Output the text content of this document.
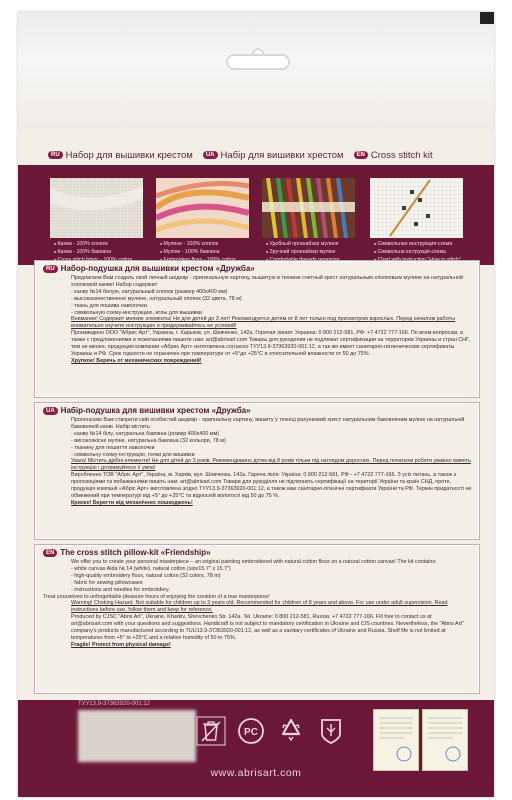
RU Набор для вышивки крестом	UA Набір для вишивки хрестом	EN Cross stitch kit
■ Канва - 100% хлопок
■ Канва - 100% бавовна
■
■ Мулине - 100% хлопок
■ Мулiне - 100% бавовна
■
■ Удобный органайзер мулине
■ Зручний органайзер мулiне
■
■ Символьная инструкция-схема
■ Символьна iнструкцiя-схема
■
RU Набор-подушка для вышивки крестом «Дружба»

Предлагаем Вам создать свой личный шедевр - оригинальную картину, вышитую в технике счетный крест натуральным хлопковым мулине на натуральной хлопковой канве! Набор содержит:

- канву №14 белую, натуральный хлопок (размер 400х400 мм)

- высококачественное мулине, натуральный хлопок (32 цвета, 78 м)

- ткань для пошива наволочки

- символьную схему-инструкцию, иглы для вышивки.

Внимание! Содержит мелкие элементы! Не для детей до 3 лет! Рекомендуется детям от 8 лет только под присмотром взрослых. Перед началом работы внимательно изучите инструкцию и придерживайтесь ее условий!

Произведено ООО "Абрис Арт", Украина, г. Харьков, ул. Шевченко, 142а. Горячая линия: Украина: 0 800 212-581, РФ: +7 4722 777-166. По всем вопросам, а также с предложениями и пожеланиями пишите нам: art@abrisart.com Товары для рукоделия не подлежат сертификации на территории Украины и стран СНГ, тем не менее, продукция компании «Абрис Арт» изготовлена согласно ТУУ13.9-37363920-001:12, а так же имеет санитарно-гигиенические сертификаты Украины и РФ. Срок годности не ограничен при температуре от +5°до +25°С и относительной влажности от 50 до 75%.

Хрупкое! Беречь от механических повреждений!

UA Набір-подушка для вишивки хрестом «Дружба»

Пропонуємо Вам створити свій особистий шедевр - оригінальну картину, вишиту у техніці рахунковий хрест натуральним бавовняним муліне на натуральній бавовняній канві. Набір містить:

- канву №14 білу, натуральна бавовна (розмір 400х400 мм)

- високоякісне муліне, натуральна бавовна (32 кольори, 78 м)

- тканину для пошиття наволочки

- символьну схему-інструкцію, голки для вишивки

Увага! Містить дрібні елементи! Не для дітей до 3 років. Рекомендовано дітям від 8 років тільки під наглядом дорослих. Перед початком роботи уважно вивчіть інструкцію і дотримуйтеся її умов!

Виробленно ТОВ "Абріс Арт", Україна, м. Харків, вул. Шевченка, 142а. Гаряча лінія: Україна: 0 800 212-581, РФ - +7 4722 777-166. З усіх питань, а також з пропозиціями та побажаннями пишіть нам: art@abrisart.com Товари для рукоділля не підлягають сертифікації на території України та країн СНД, проте, продукція компанії «Абріс Арт» виготовлена згідно ТУУ13.9-37363920-001:12, а також має санітарно-гігієнічні сертифікати України та РФ. Термін придатності не обмежений при температурі від +5° до +25°С та відносній вологості від 50 до 75 %.

Крихке! Берегти від механічних пошкоджень!

EN The cross stitch pillow-kit «Friendship»

We offer you to create your personal masterpiece – an original painting embroidered with natural cotton floss on a natural cotton canvas! The kit contains:

- white canvas Aida № 14 (white), natural cotton (size15.7" x 15.7")

- high-quality embroidery floss, natural cotton (32 colors, 78 m)

- fabric for sewing pillowcases

- instructions and needles for embroidery.

Treat yourselves to unforgettable pleasure hours of enjoying the creation of a true masterpiece!

Warning! Choking Hazard. Not suitable for children up to 3 years old. Recommended for children of 8 years and above. For use under adult supervision. Read instructions before use, follow them and keep for reference.

Produced by CJSC "Abris Art", Ukraine, Kharkiv, Shevchenko Str. 142a. Tel. Ukraine: 0 800 212-581, Russia: +7 4722 777-166. Fill free to contact us at art@abrisart.com with your questions and suggestions. Handicraft is not subject to mandatory certification in Ukraine and CIS countries. Nevertheless, the "Abris Art" company's products manufactured according to TUU13.9-37363920-001:12, as well as a sanitary certificates of Ukraine and Russia. Shelf life is not limited at temperatures from +5° to +25°C and a relative humidity of 50 to 75%.

Fragile! Protect from physical damage!

ТУУ13.9-37363920-001:12
PC
www.abrisart.com
